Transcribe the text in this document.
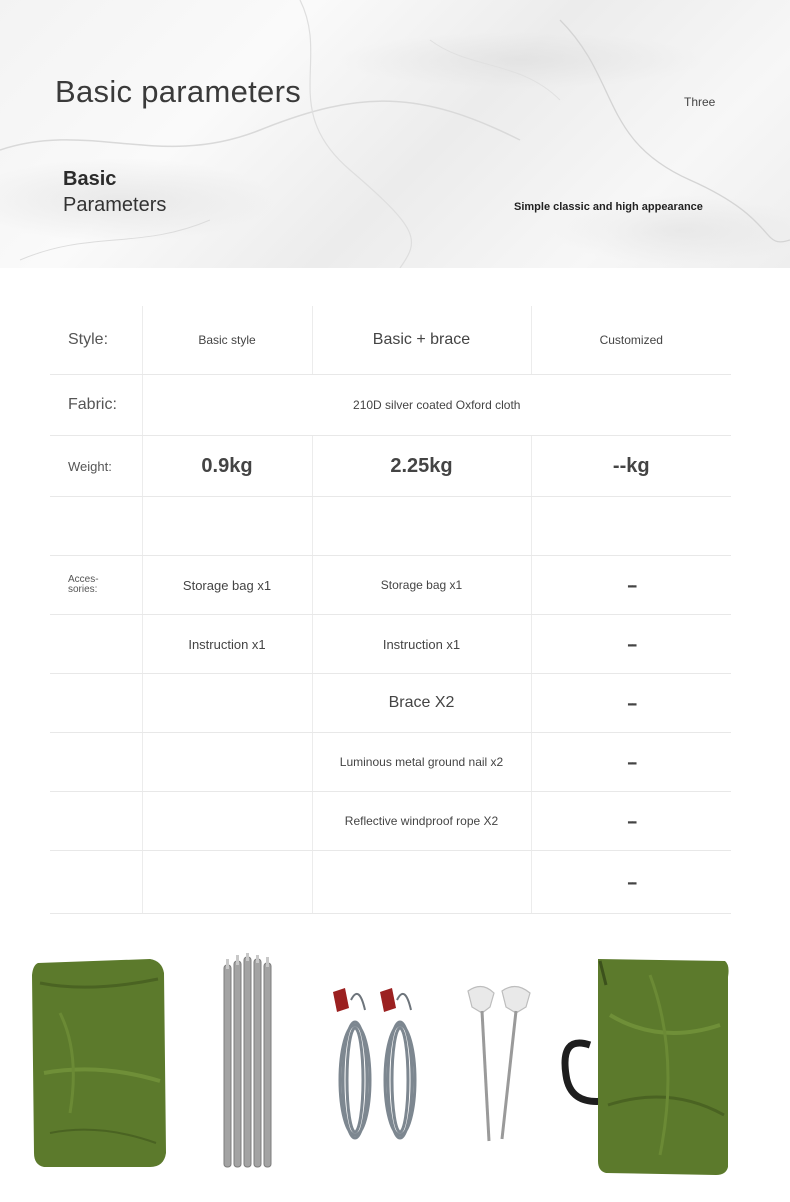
Basic parameters	Three
Basic
Parameters	Simple classic and high appearance
Style:	Basic style	Basic + brace	Customized
Fabric:	210D silver coated Oxford cloth		
Weight:	0.9kg	2.25kg	--kg

Acces-
sories:	Storage bag x1	Storage bag x1	--
	Instruction x1	Instruction x1	--
		Brace X2	--
		Luminous metal ground nail x2	--
		Reflective windproof rope X2	--
			--
